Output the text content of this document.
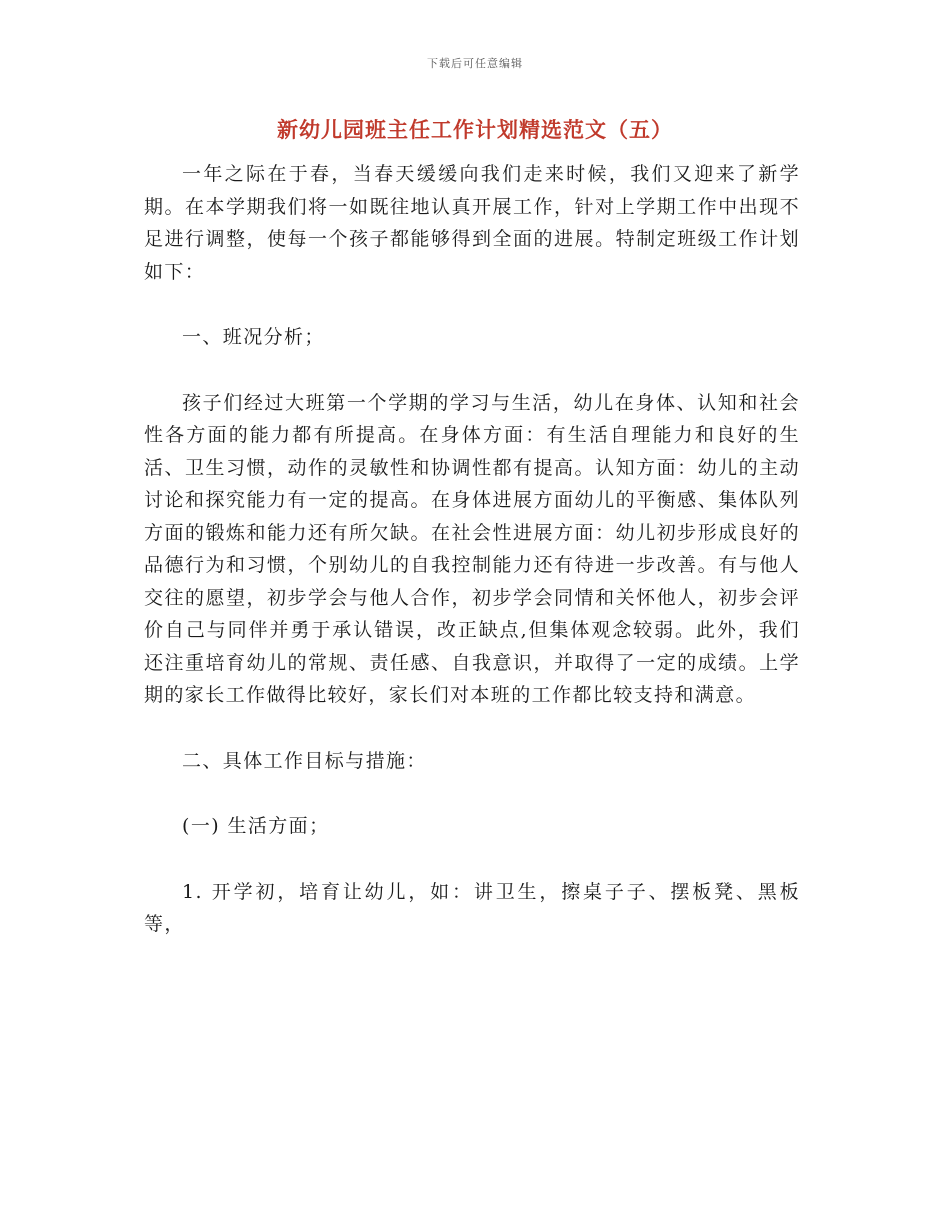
下载后可任意编辑
新幼儿园班主任工作计划精选范文（五）

一年之际在于春，当春天缓缓向我们走来时候，我们又迎来了新学期。在本学期我们将一如既往地认真开展工作，针对上学期工作中出现不足进行调整，使每一个孩子都能够得到全面的进展。特制定班级工作计划如下：

一、班况分析；

孩子们经过大班第一个学期的学习与生活，幼儿在身体、认知和社会性各方面的能力都有所提高。在身体方面：有生活自理能力和良好的生活、卫生习惯，动作的灵敏性和协调性都有提高。认知方面：幼儿的主动讨论和探究能力有一定的提高。在身体进展方面幼儿的平衡感、集体队列方面的锻炼和能力还有所欠缺。在社会性进展方面：幼儿初步形成良好的品德行为和习惯，个别幼儿的自我控制能力还有待进一步改善。有与他人交往的愿望，初步学会与他人合作，初步学会同情和关怀他人，初步会评价自己与同伴并勇于承认错误，改正缺点,但集体观念较弱。此外，我们还注重培育幼儿的常规、责任感、自我意识，并取得了一定的成绩。上学期的家长工作做得比较好，家长们对本班的工作都比较支持和满意。

二、具体工作目标与措施：

(一) 生活方面；

1. 开学初，培育让幼儿，如：讲卫生，擦桌子子、摆板凳、黑板等，
